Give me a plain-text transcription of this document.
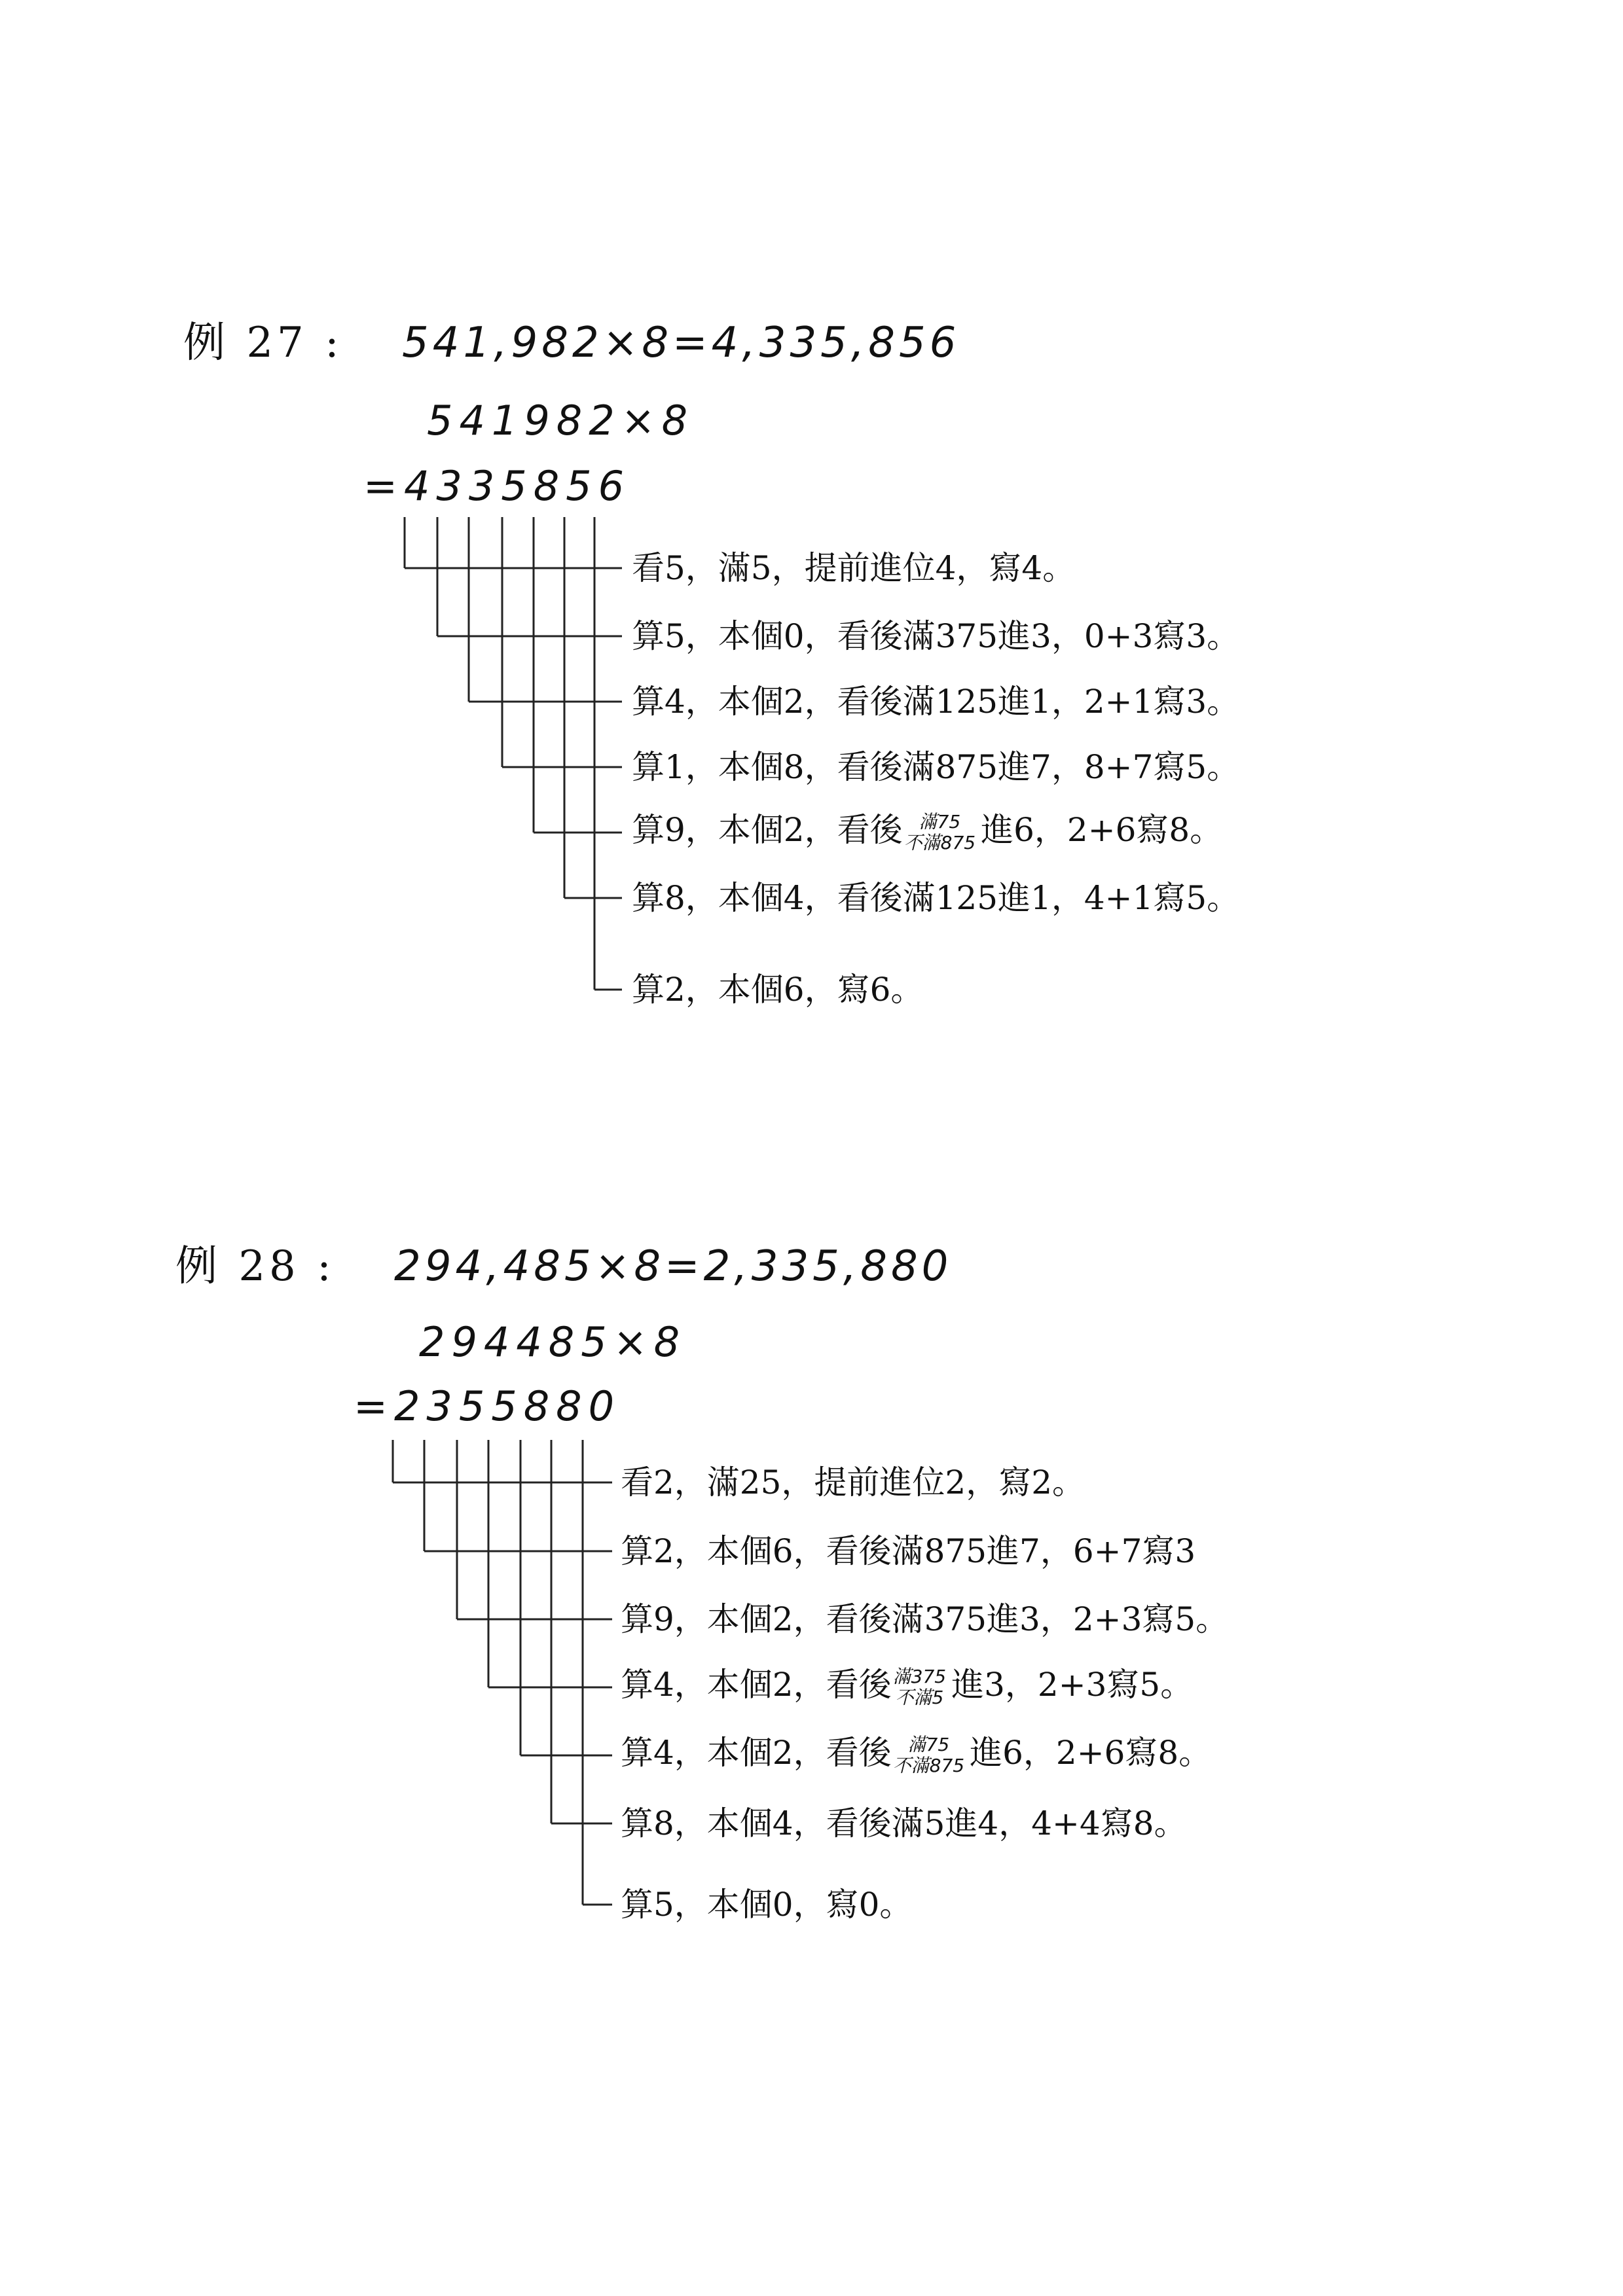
例 27 : 541,982×8=4,335,856
541982×8
=4335856
看5，滿5，提前進位4，寫4。
算5，本個0，看後滿375進3，0+3寫3。
算4，本個2，看後滿125進1，2+1寫3。
算1，本個8，看後滿875進7，8+7寫5。
算9，本個2，看後 滿75
不滿875 進6，2+6寫8。
算8，本個4，看後滿125進1，4+1寫5。
算2，本個6，寫6。
例 28 : 294,485×8=2,335,880
294485×8
=2355880
看2，滿25，提前進位2，寫2。
算2，本個6，看後滿875進7，6+7寫3
算9，本個2，看後滿375進3，2+3寫5。
算4，本個2，看後 滿375
不滿5 進3，2+3寫5。
算4，本個2，看後 滿75
不滿875 進6，2+6寫8。
算8，本個4，看後滿5進4，4+4寫8。
算5，本個0，寫0。
